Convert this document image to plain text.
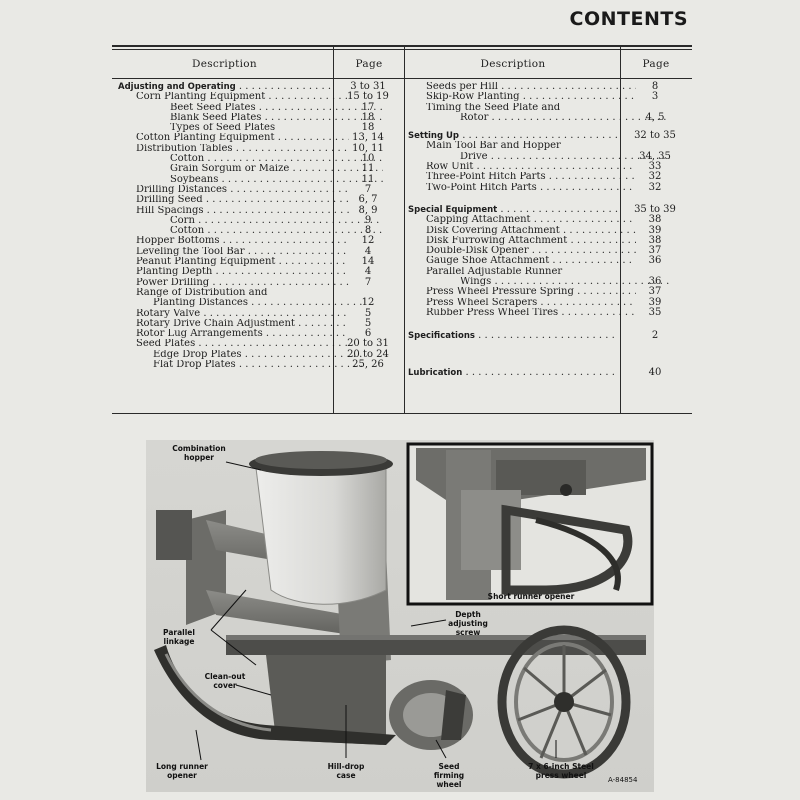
CONTENTS
Description	Page	Description	Page
Adjusting and Operating . . .	3 to 31
Corn Planting Equipment . . .	15 to 19
Beet Seed Plates . . .	17
Blank Seed Plates . . .	18
Types of Seed Plates	18
Cotton Planting Equipment . . .	13, 14
Distribution Tables . . .	10, 11
Cotton . . .	10
Grain Sorgum or Maize . . .	11
Soybeans . . .	11
Drilling Distances . . .	7
Drilling Seed . . .	6, 7
Hill Spacings . . .	8, 9
Corn . . .	9
Cotton . . .	8
Hopper Bottoms . . .	12
Leveling the Tool Bar . . .	4
Peanut Planting Equipment . . .	14
Planting Depth . . .	4
Power Drilling . . .	7
Range of Distribution and
Planting Distances . . .	12
Rotary Valve . . .	5
Rotary Drive Chain Adjustment . . .	5
Rotor Lug Arrangements . . .	6
Seed Plates . . .	20 to 31
Edge Drop Plates . . .	20 to 24
Flat Drop Plates . . .	25, 26
Seeds per Hill . . .	8
Skip-Row Planting . . .	3
Timing the Seed Plate and
Rotor . . .	4, 5
Setting Up . . .	32 to 35
Main Tool Bar and Hopper
Drive . . .	34, 35
Row Unit . . .	33
Three-Point Hitch Parts . . .	32
Two-Point Hitch Parts . . .	32
Special Equipment . . .	35 to 39
Capping Attachment . . .	38
Disk Covering Attachment . . .	39
Disk Furrowing Attachment . . .	38
Double-Disk Opener . . .	37
Gauge Shoe Attachment . . .	36
Parallel Adjustable Runner
Wings . . .	36
Press Wheel Pressure Spring . . .	37
Press Wheel Scrapers . . .	39
Rubber Press Wheel Tires . . .	35
Specifications . . .	2
Lubrication . . .	40
Combination hopper
Short runner opener
Depth adjusting screw
Parallel linkage
Clean-out cover
Long runner opener
Hill-drop case
Seed firming wheel
7 x 6-inch Steel press wheel	A-84854
